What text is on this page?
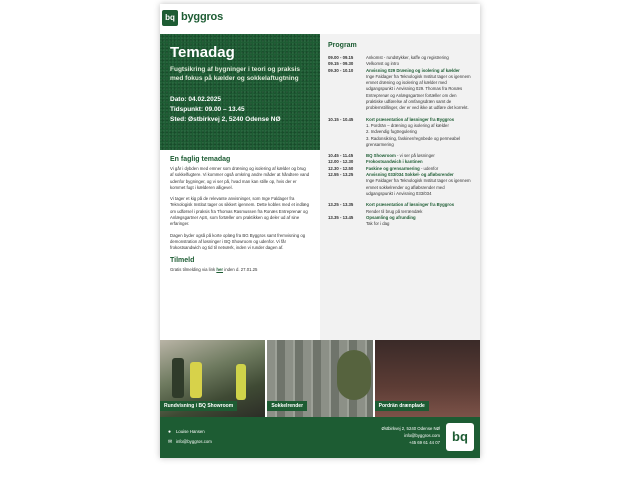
bq byggros
Temadag
Fugtsikring af bygninger i teori og praksis med fokus på kælder og sokkelaftugtning
Dato: 04.02.2025
Tidspunkt: 09.00 – 13.45
Sted: Østbirkvej 2, 5240 Odense NØ
En faglig temadag

Vi går i dybden med emner som dræning og isolering af kælder og brug af sokkelfugtere. Vi kommer også omkring andre måder at håndtere vand udenfor bygninger, og vi ser på, hvad man kan stille op, hvis der er kommet fugt i kælderen alligevel.

Vi tager et kig på de relevante anvisninger, som Inge Faldager fra Teknologisk Institut tager os sikkert igennem. Dette kobles med et indlæg om udførsel i praksis fra Thomas Rasmussen fra Ronæs Entreprenør og Anlægsgartner ApS, som fortæller om praktikken og deler ud af sine erfaringer.

Dagen byder også på korte oplæg fra BG Byggros samt fremvisning og demonstration af løsninger i BQ Showroom og udenfor. Vi får frokostsandwich og tid til netværk, inden vi runder dagen af.

Tilmeld
Gratis tilmelding via link her inden d. 27.01.25
Program
09.00 - 09.15	Ankomst - rundstykker, kaffe og registrering
09.15 - 09.30	Velkomst og intro
09.30 - 10.10	Anvisning 029 Dræning og isolering af kælder
Inge Faldager fra Teknologisk Institut tager os igennem emnet dræning og isolering af kælder med udgangspunkt i Anvisning 029. Thomas fra Ronæs Entreprenør og Anlægsgartner fortæller om den praktiske udførelse af omfangsdræn samt de problemstillinger, der er ved ikke at udføre det korrekt.
10.15 - 10.45	Kort præsentation af løsninger fra Byggros
1. Pordrän – dræning og isolering af kælder
2. Indvendig fugtregulering
3. Radonsikring, faskiner/regnbede og permeabel grensarmering
10.45 - 11.45	BQ Showroom - vi ser på løsninger
12.00 - 12.30	Frokostsandwich i kantinen
12.30 - 12.50	Faskine og grensarmering - udenfor
12.55 - 13.25	Anvisning 033/034 Sokkel- og afløbsrender
Inge Faldager fra Teknologisk Institut tager os igennem emnet sokkelrender og afløbsrender med udgangspunkt i Anvisning 033/034
13.25 - 13.35	Kort præsentation af løsninger fra Byggros
Render til brug på terrændæk
13.35 - 13.45	Opsamling og afrunding
Tak for i dag
Rundvisning i BQ Showroom	Sokkelrender	Pordrän drænplade
● Louise Hansen
✉ info@byggros.com
Østbirkvej 2, 5240 Odense NØ
info@byggros.com
+45 69 61 44 07 bq
